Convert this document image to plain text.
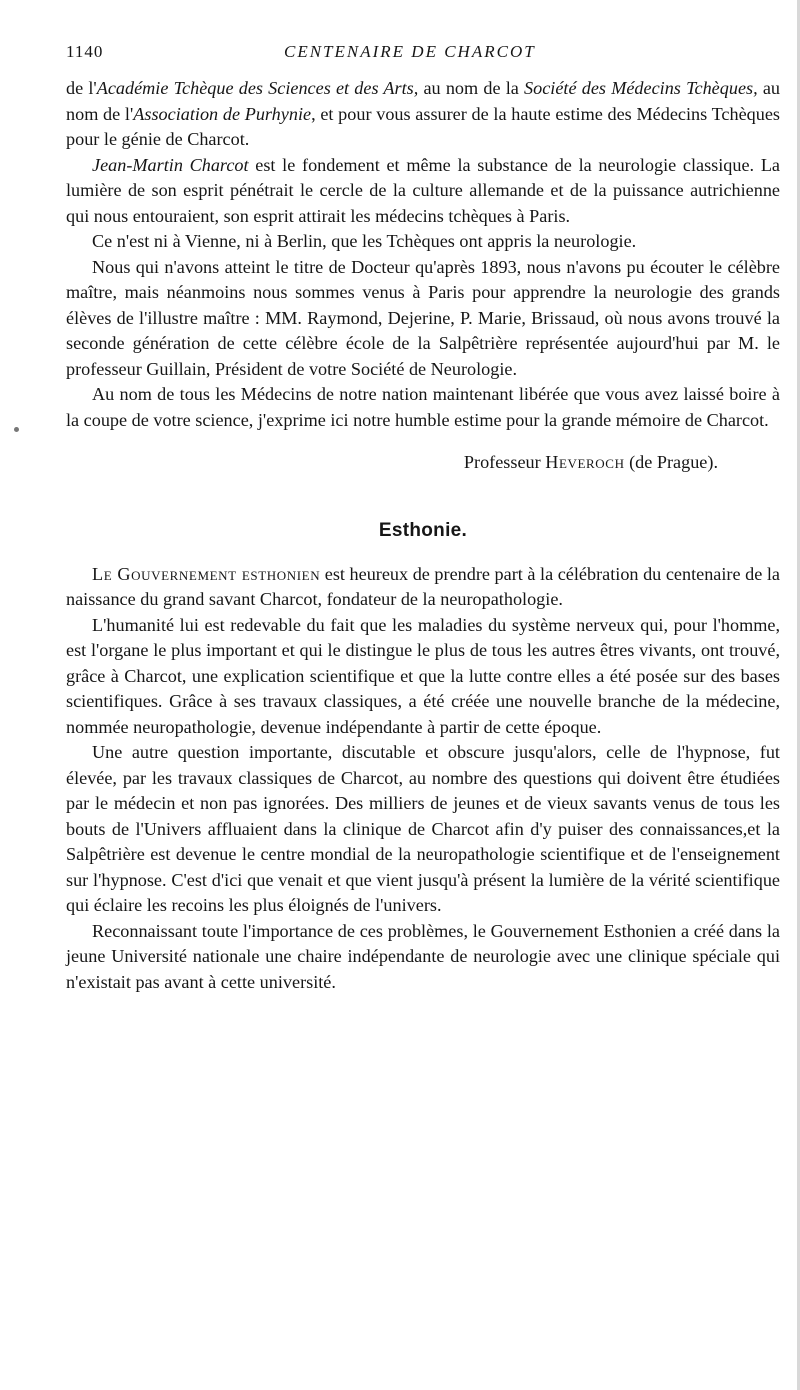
1140	CENTENAIRE DE CHARCOT

de l'Académie Tchèque des Sciences et des Arts, au nom de la Société des Médecins Tchèques, au nom de l'Association de Purhynie, et pour vous assurer de la haute estime des Médecins Tchèques pour le génie de Charcot.

Jean-Martin Charcot est le fondement et même la substance de la neurologie classique. La lumière de son esprit pénétrait le cercle de la culture allemande et de la puissance autrichienne qui nous entouraient, son esprit attirait les médecins tchèques à Paris.

Ce n'est ni à Vienne, ni à Berlin, que les Tchèques ont appris la neurologie.

Nous qui n'avons atteint le titre de Docteur qu'après 1893, nous n'avons pu écouter le célèbre maître, mais néanmoins nous sommes venus à Paris pour apprendre la neurologie des grands élèves de l'illustre maître : MM. Raymond, Dejerine, P. Marie, Brissaud, où nous avons trouvé la seconde génération de cette célèbre école de la Salpêtrière représentée aujourd'hui par M. le professeur Guillain, Président de votre Société de Neurologie.

Au nom de tous les Médecins de notre nation maintenant libérée que vous avez laissé boire à la coupe de votre science, j'exprime ici notre humble estime pour la grande mémoire de Charcot.

Professeur Heveroch (de Prague).
Esthonie.

Le Gouvernement esthonien est heureux de prendre part à la célébration du centenaire de la naissance du grand savant Charcot, fondateur de la neuropathologie.

L'humanité lui est redevable du fait que les maladies du système nerveux qui, pour l'homme, est l'organe le plus important et qui le distingue le plus de tous les autres êtres vivants, ont trouvé, grâce à Charcot, une explication scientifique et que la lutte contre elles a été posée sur des bases scientifiques. Grâce à ses travaux classiques, a été créée une nouvelle branche de la médecine, nommée neuropathologie, devenue indépendante à partir de cette époque.

Une autre question importante, discutable et obscure jusqu'alors, celle de l'hypnose, fut élevée, par les travaux classiques de Charcot, au nombre des questions qui doivent être étudiées par le médecin et non pas ignorées. Des milliers de jeunes et de vieux savants venus de tous les bouts de l'Univers affluaient dans la clinique de Charcot afin d'y puiser des connaissances,et la Salpêtrière est devenue le centre mondial de la neuropathologie scientifique et de l'enseignement sur l'hypnose. C'est d'ici que venait et que vient jusqu'à présent la lumière de la vérité scientifique qui éclaire les recoins les plus éloignés de l'univers.

Reconnaissant toute l'importance de ces problèmes, le Gouvernement Esthonien a créé dans la jeune Université nationale une chaire indépendante de neurologie avec une clinique spéciale qui n'existait pas avant à cette université.
